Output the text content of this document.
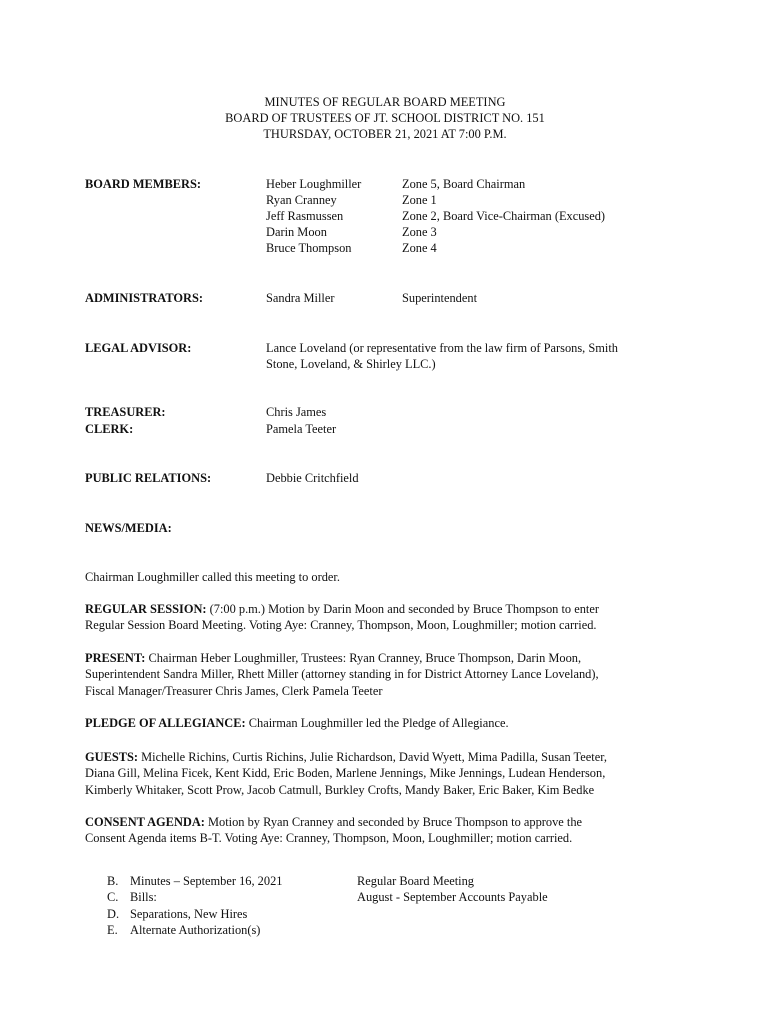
MINUTES OF REGULAR BOARD MEETING
BOARD OF TRUSTEES OF JT. SCHOOL DISTRICT NO. 151
THURSDAY, OCTOBER 21, 2021 AT 7:00 P.M.
BOARD MEMBERS:	Heber Loughmiller	Zone 5, Board Chairman
Ryan Cranney	Zone 1
Jeff Rasmussen	Zone 2, Board Vice-Chairman (Excused)
Darin Moon	Zone 3
Bruce Thompson	Zone 4
ADMINISTRATORS:	Sandra Miller	Superintendent
LEGAL ADVISOR:	Lance Loveland (or representative from the law firm of Parsons, Smith
Stone, Loveland, & Shirley LLC.)
TREASURER:	Chris James
CLERK:	Pamela Teeter
PUBLIC RELATIONS:	Debbie Critchfield
NEWS/MEDIA:
Chairman Loughmiller called this meeting to order.
REGULAR SESSION: (7:00 p.m.) Motion by Darin Moon and seconded by Bruce Thompson to enter
Regular Session Board Meeting. Voting Aye: Cranney, Thompson, Moon, Loughmiller; motion carried.
PRESENT: Chairman Heber Loughmiller, Trustees: Ryan Cranney, Bruce Thompson, Darin Moon,
Superintendent Sandra Miller, Rhett Miller (attorney standing in for District Attorney Lance Loveland),
Fiscal Manager/Treasurer Chris James, Clerk Pamela Teeter
PLEDGE OF ALLEGIANCE: Chairman Loughmiller led the Pledge of Allegiance.
GUESTS: Michelle Richins, Curtis Richins, Julie Richardson, David Wyett, Mima Padilla, Susan Teeter,
Diana Gill, Melina Ficek, Kent Kidd, Eric Boden, Marlene Jennings, Mike Jennings, Ludean Henderson,
Kimberly Whitaker, Scott Prow, Jacob Catmull, Burkley Crofts, Mandy Baker, Eric Baker, Kim Bedke
CONSENT AGENDA: Motion by Ryan Cranney and seconded by Bruce Thompson to approve the
Consent Agenda items B-T. Voting Aye: Cranney, Thompson, Moon, Loughmiller; motion carried.
B. Minutes – September 16, 2021	Regular Board Meeting
C. Bills:	August - September Accounts Payable
D. Separations, New Hires
E. Alternate Authorization(s)
